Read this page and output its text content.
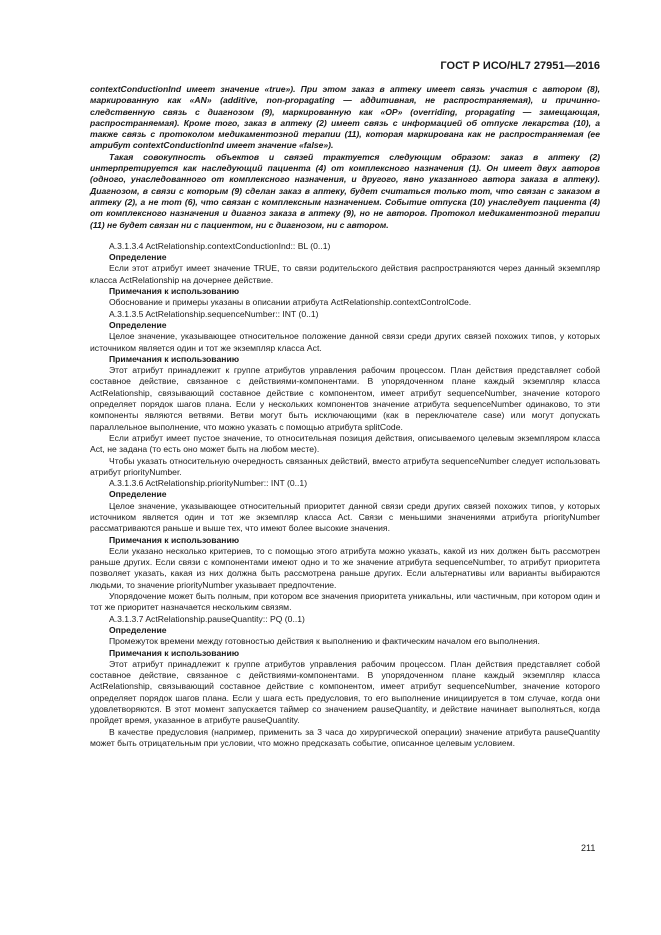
ГОСТ Р ИСО/HL7 27951—2016

contextConductionInd имеет значение «true»). При этом заказ в аптеку имеет связь участия с автором (8), маркированную как «AN» (additive, non-propagating — аддитивная, не распространяемая), и причинно-следственную связь с диагнозом (9), маркированную как «OP» (overriding, propagating — замещающая, распространяемая). Кроме того, заказ в аптеку (2) имеет связь с информацией об отпуске лекарства (10), а также связь с протоколом медикаментозной терапии (11), которая маркирована как не распространяемая (ее атрибут contextConductionInd имеет значение «false»).

Такая совокупность объектов и связей трактуется следующим образом: заказ в аптеку (2) интерпретируется как наследующий пациента (4) от комплексного назначения (1). Он имеет двух авторов (одного, унаследованного от комплексного назначения, и другого, явно указанного автора заказа в аптеку). Диагнозом, в связи с которым (9) сделан заказ в аптеку, будет считаться только тот, что связан с заказом в аптеку (2), а не тот (6), что связан с комплексным назначением. Событие отпуска (10) унаследует пациента (4) от комплексного назначения и диагноз заказа в аптеку (9), но не авторов. Протокол медикаментозной терапии (11) не будет связан ни с пациентом, ни с диагнозом, ни с автором.

A.3.1.3.4 ActRelationship.contextConductionInd:: BL (0..1)

Определение

Если этот атрибут имеет значение TRUE, то связи родительского действия распространяются через данный экземпляр класса ActRelationship на дочернее действие.

Примечания к использованию

Обоснование и примеры указаны в описании атрибута ActRelationship.contextControlCode.

A.3.1.3.5 ActRelationship.sequenceNumber:: INT (0..1)

Определение

Целое значение, указывающее относительное положение данной связи среди других связей похожих типов, у которых источником является один и тот же экземпляр класса Act.

Примечания к использованию

Этот атрибут принадлежит к группе атрибутов управления рабочим процессом. План действия представляет собой составное действие, связанное с действиями-компонентами. В упорядоченном плане каждый экземпляр класса ActRelationship, связывающий составное действие с компонентом, имеет атрибут sequenceNumber, значение которого определяет порядок шагов плана. Если у нескольких компонентов значение атрибута sequenceNumber одинаково, то эти компоненты являются ветвями. Ветви могут быть исключающими (как в переключателе case) или могут допускать параллельное выполнение, что можно указать с помощью атрибута splitCode.

Если атрибут имеет пустое значение, то относительная позиция действия, описываемого целевым экземпляром класса Act, не задана (то есть оно может быть на любом месте).

Чтобы указать относительную очередность связанных действий, вместо атрибута sequenceNumber следует использовать атрибут priorityNumber.

A.3.1.3.6 ActRelationship.priorityNumber:: INT (0..1)

Определение

Целое значение, указывающее относительный приоритет данной связи среди других связей похожих типов, у которых источником является один и тот же экземпляр класса Act. Связи с меньшими значениями атрибута priorityNumber рассматриваются раньше и выше тех, что имеют более высокие значения.

Примечания к использованию

Если указано несколько критериев, то с помощью этого атрибута можно указать, какой из них должен быть рассмотрен раньше других. Если связи с компонентами имеют одно и то же значение атрибута sequenceNumber, то атрибут приоритета позволяет указать, какая из них должна быть рассмотрена раньше других. Если альтернативы или варианты выбираются людьми, то значение priorityNumber указывает предпочтение.

Упорядочение может быть полным, при котором все значения приоритета уникальны, или частичным, при котором один и тот же приоритет назначается нескольким связям.

A.3.1.3.7 ActRelationship.pauseQuantity:: PQ (0..1)

Определение

Промежуток времени между готовностью действия к выполнению и фактическим началом его выполнения.

Примечания к использованию

Этот атрибут принадлежит к группе атрибутов управления рабочим процессом. План действия представляет собой составное действие, связанное с действиями-компонентами. В упорядоченном плане каждый экземпляр класса ActRelationship, связывающий составное действие с компонентом, имеет атрибут sequenceNumber, значение которого определяет порядок шагов плана. Если у шага есть предусловия, то его выполнение инициируется в том случае, когда они удовлетворяются. В этот момент запускается таймер со значением pauseQuantity, и действие начинает выполняться, когда пройдет время, указанное в атрибуте pauseQuantity.

В качестве предусловия (например, применить за 3 часа до хирургической операции) значение атрибута pauseQuantity может быть отрицательным при условии, что можно предсказать событие, описанное целевым условием.

211
